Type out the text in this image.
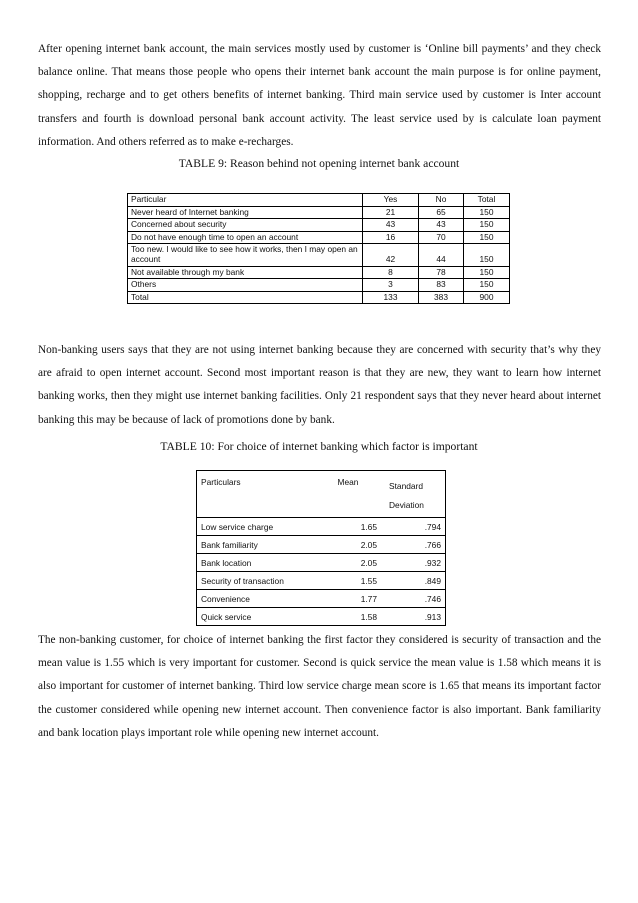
After opening internet bank account, the main services mostly used by customer is ‘Online bill payments’ and they check balance online. That means those people who opens their internet bank account the main purpose is for online payment, shopping, recharge and to get others benefits of internet banking. Third main service used by customer is Inter account transfers and fourth is download personal bank account activity. The least service used by is calculate loan payment information. And others referred as to make e-recharges.

TABLE 9: Reason behind not opening internet bank account

Particular	Yes	No	Total
Never heard of Internet banking	21	65	150
Concerned about security	43	43	150
Do not have enough time to open an account	16	70	150
Too new. I would like to see how it works, then I may open an account	42	44	150
Not available through my bank	8	78	150
Others	3	83	150
Total	133	383	900

Non-banking users says that they are not using internet banking because they are concerned with security that’s why they are afraid to open internet account. Second most important reason is that they are new, they want to learn how internet banking works, then they might use internet banking facilities. Only 21 respondent says that they never heard about internet banking this may be because of lack of promotions done by bank.

TABLE 10: For choice of internet banking which factor is important

Particulars	Mean	Standard Deviation
Low service charge	1.65	.794
Bank familiarity	2.05	.766
Bank location	2.05	.932
Security of transaction	1.55	.849
Convenience	1.77	.746
Quick service	1.58	.913

The non-banking customer, for choice of internet banking the first factor they considered is security of transaction and the mean value is 1.55 which is very important for customer. Second is quick service the mean value is 1.58 which means it is also important for customer of internet banking. Third low service charge mean score is 1.65 that means its important factor the customer considered while opening new internet account. Then convenience factor is also important. Bank familiarity and bank location plays important role while opening new internet account.
